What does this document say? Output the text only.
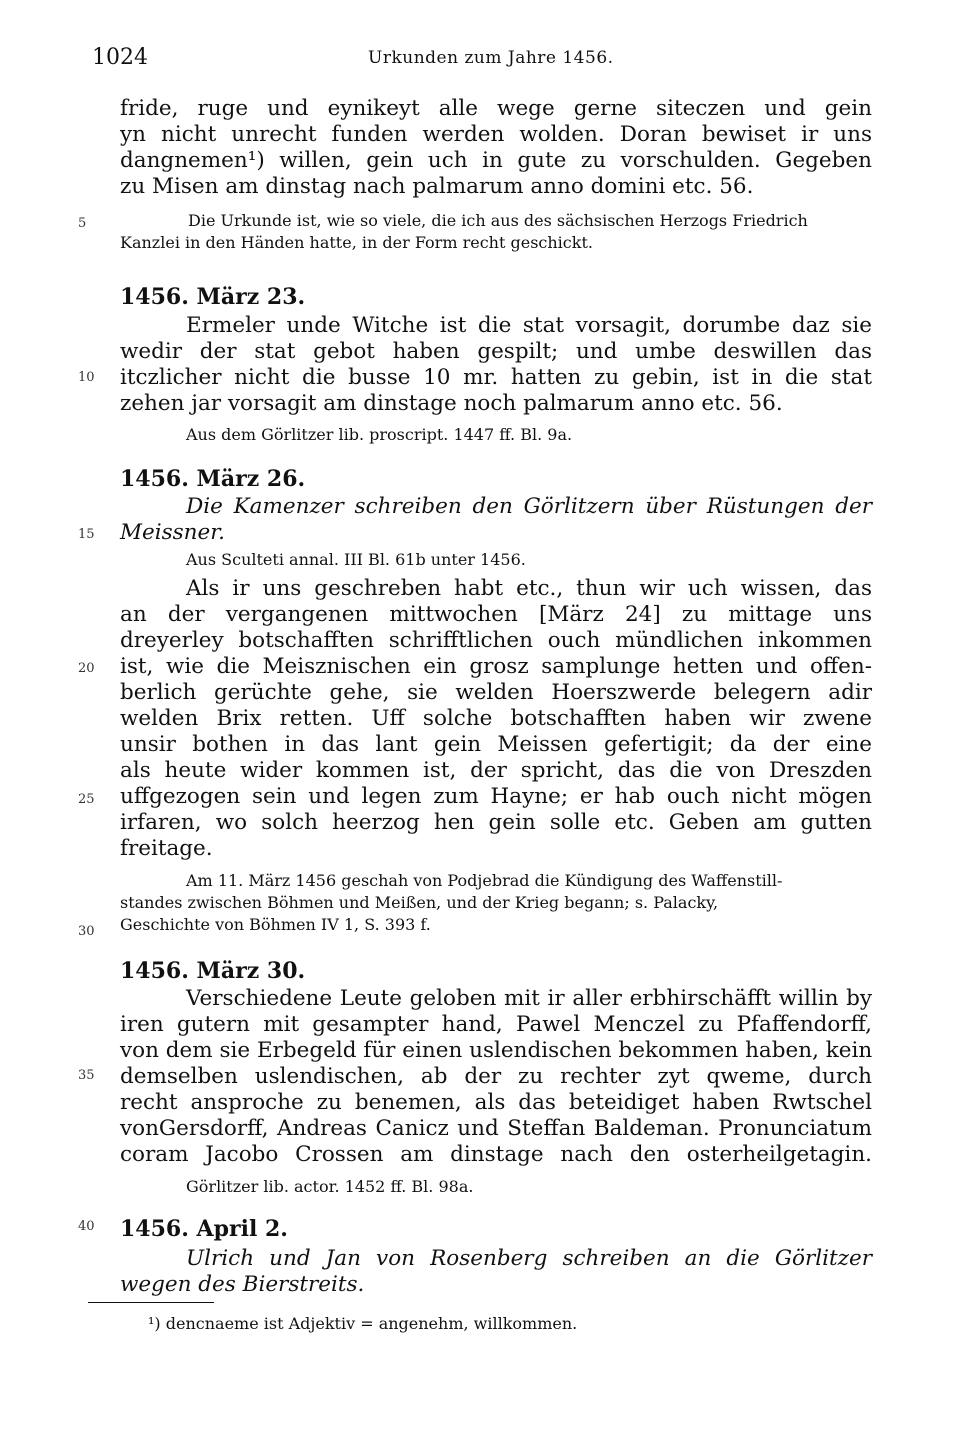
1024	Urkunden zum Jahre 1456.
5
10
15
20
25
30
35
40
fride, ruge und eynikeyt alle wege gerne siteczen und gein
yn nicht unrecht funden werden wolden. Doran bewiset ir uns
dangnemen¹) willen, gein uch in gute zu vorschulden. Gegeben
zu Misen am dinstag nach palmarum anno domini etc. 56.
Die Urkunde ist, wie so viele, die ich aus des sächsischen Herzogs Friedrich
Kanzlei in den Händen hatte, in der Form recht geschickt.
1456. März 23.
Ermeler unde Witche ist die stat vorsagit, dorumbe daz sie
wedir der stat gebot haben gespilt; und umbe deswillen das
itczlicher nicht die busse 10 mr. hatten zu gebin, ist in die stat
zehen jar vorsagit am dinstage noch palmarum anno etc. 56.
Aus dem Görlitzer lib. proscript. 1447 ff. Bl. 9a.
1456. März 26.
Die Kamenzer schreiben den Görlitzern über Rüstungen der
Meissner.
Aus Sculteti annal. III Bl. 61b unter 1456.
Als ir uns geschreben habt etc., thun wir uch wissen, das
an der vergangenen mittwochen [März 24] zu mittage uns
dreyerley botschafften schrifftlichen ouch mündlichen inkommen
ist, wie die Meisznischen ein grosz samplunge hetten und offen-
berlich gerüchte gehe, sie welden Hoerszwerde belegern adir
welden Brix retten. Uff solche botschafften haben wir zwene
unsir bothen in das lant gein Meissen gefertigit; da der eine
als heute wider kommen ist, der spricht, das die von Dreszden
uffgezogen sein und legen zum Hayne; er hab ouch nicht mögen
irfaren, wo solch heerzog hen gein solle etc. Geben am gutten
freitage.
Am 11. März 1456 geschah von Podjebrad die Kündigung des Waffenstill-
standes zwischen Böhmen und Meißen, und der Krieg begann; s. Palacky,
Geschichte von Böhmen IV 1, S. 393 f.
1456. März 30.
Verschiedene Leute geloben mit ir aller erbhirschäfft willin by
iren gutern mit gesampter hand, Pawel Menczel zu Pfaffendorff,
von dem sie Erbegeld für einen uslendischen bekommen haben, kein
demselben uslendischen, ab der zu rechter zyt qweme, durch
recht ansproche zu benemen, als das beteidiget haben Rwtschel
vonGersdorff, Andreas Canicz und Steffan Baldeman. Pronunciatum
coram Jacobo Crossen am dinstage nach den osterheilgetagin.
Görlitzer lib. actor. 1452 ff. Bl. 98a.
1456. April 2.
Ulrich und Jan von Rosenberg schreiben an die Görlitzer
wegen des Bierstreits.
¹) dencnaeme ist Adjektiv = angenehm, willkommen.
